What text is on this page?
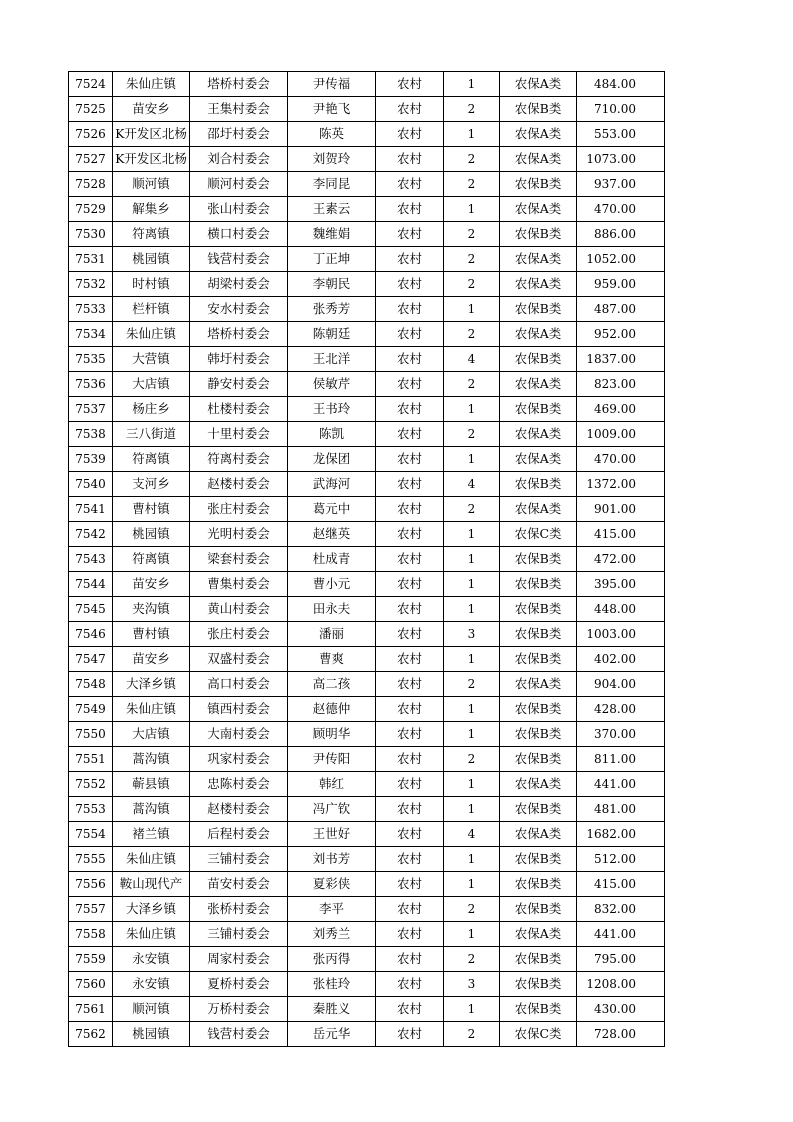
7524	朱仙庄镇	塔桥村委会	尹传福	农村	1	农保A类	484.00
7525	苗安乡	王集村委会	尹艳飞	农村	2	农保B类	710.00
7526	K开发区北杨	邵圩村委会	陈英	农村	1	农保A类	553.00
7527	K开发区北杨	刘合村委会	刘贺玲	农村	2	农保A类	1073.00
7528	顺河镇	顺河村委会	李同昆	农村	2	农保B类	937.00
7529	解集乡	张山村委会	王素云	农村	1	农保A类	470.00
7530	符离镇	横口村委会	魏维娟	农村	2	农保B类	886.00
7531	桃园镇	钱营村委会	丁正坤	农村	2	农保A类	1052.00
7532	时村镇	胡梁村委会	李朝民	农村	2	农保A类	959.00
7533	栏杆镇	安水村委会	张秀芳	农村	1	农保B类	487.00
7534	朱仙庄镇	塔桥村委会	陈朝廷	农村	2	农保A类	952.00
7535	大营镇	韩圩村委会	王北洋	农村	4	农保B类	1837.00
7536	大店镇	静安村委会	侯敏芹	农村	2	农保A类	823.00
7537	杨庄乡	杜楼村委会	王书玲	农村	1	农保B类	469.00
7538	三八街道	十里村委会	陈凯	农村	2	农保A类	1009.00
7539	符离镇	符离村委会	龙保团	农村	1	农保A类	470.00
7540	支河乡	赵楼村委会	武海河	农村	4	农保B类	1372.00
7541	曹村镇	张庄村委会	葛元中	农村	2	农保A类	901.00
7542	桃园镇	光明村委会	赵继英	农村	1	农保C类	415.00
7543	符离镇	梁套村委会	杜成青	农村	1	农保B类	472.00
7544	苗安乡	曹集村委会	曹小元	农村	1	农保B类	395.00
7545	夹沟镇	黄山村委会	田永夫	农村	1	农保B类	448.00
7546	曹村镇	张庄村委会	潘丽	农村	3	农保B类	1003.00
7547	苗安乡	双盛村委会	曹爽	农村	1	农保B类	402.00
7548	大泽乡镇	高口村委会	高二孩	农村	2	农保A类	904.00
7549	朱仙庄镇	镇西村委会	赵德仲	农村	1	农保B类	428.00
7550	大店镇	大南村委会	顾明华	农村	1	农保B类	370.00
7551	蒿沟镇	巩家村委会	尹传阳	农村	2	农保B类	811.00
7552	蕲县镇	忠陈村委会	韩红	农村	1	农保A类	441.00
7553	蒿沟镇	赵楼村委会	冯广钦	农村	1	农保B类	481.00
7554	褚兰镇	后程村委会	王世好	农村	4	农保A类	1682.00
7555	朱仙庄镇	三铺村委会	刘书芳	农村	1	农保B类	512.00
7556	鞍山现代产	苗安村委会	夏彩侠	农村	1	农保B类	415.00
7557	大泽乡镇	张桥村委会	李平	农村	2	农保B类	832.00
7558	朱仙庄镇	三铺村委会	刘秀兰	农村	1	农保A类	441.00
7559	永安镇	周家村委会	张丙得	农村	2	农保B类	795.00
7560	永安镇	夏桥村委会	张桂玲	农村	3	农保B类	1208.00
7561	顺河镇	万桥村委会	秦胜义	农村	1	农保B类	430.00
7562	桃园镇	钱营村委会	岳元华	农村	2	农保C类	728.00
